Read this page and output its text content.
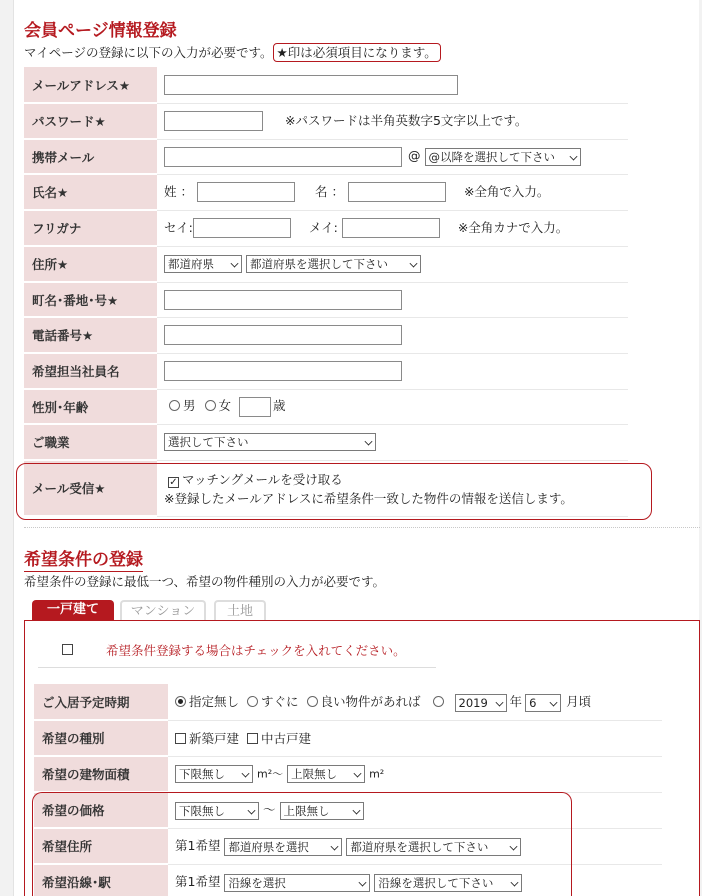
会員ページ情報登録
マイページの登録に以下の入力が必要です。 ★印は必須項目になります。
メールアドレス★	
パスワード★	※パスワードは半角英数字5文字以上です。
携帯メール	@ @以降を選択して下さい

氏名★	姓 ： 名 ： ※全角で入力。
フリガナ	セイ: メイ: ※全角カナで入力。
住所★	都道府県 都道府県を選択して下さい

町名･番地･号★	
電話番号★	
希望担当社員名	
性別･年齢	男 女 歳
ご職業	選択して下さい

メール受信★	✓ マッチングメールを受け取る
※登録したメールアドレスに希望条件一致した物件の情報を送信します。
希望条件の登録
希望条件の登録に最低一つ、希望の物件種別の入力が必要です。
一戸建て	マンション	土地
希望条件登録する場合はチェックを入れてください。
ご入居予定時期	指定無し すぐに 良い物件があれば 2019 年 6 月頃
希望の種別	新築戸建 中古戸建
希望の建物面積	下限無し m²〜 上限無し m²
希望の価格	下限無し 〜 上限無し

希望住所	第1希望 都道府県を選択 都道府県を選択して下さい

希望沿線･駅	第1希望 沿線を選択 沿線を選択して下さい
